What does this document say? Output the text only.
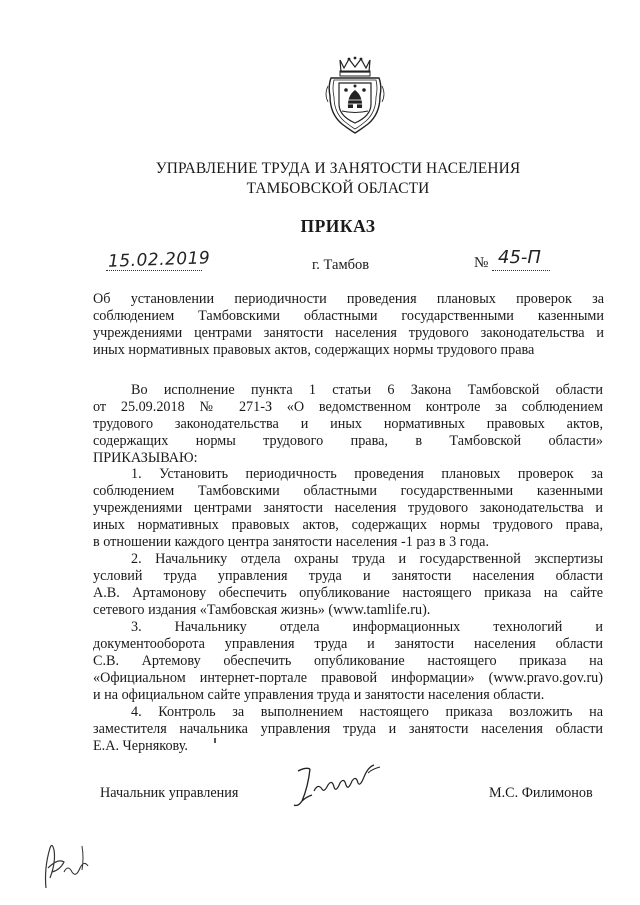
УПРАВЛЕНИЕ ТРУДА И ЗАНЯТОСТИ НАСЕЛЕНИЯ
ТАМБОВСКОЙ ОБЛАСТИ
ПРИКАЗ
15.02.2019	г. Тамбов	№ 45-П
Об установлении периодичности проведения плановых проверок за
соблюдением Тамбовскими областными государственными казенными
учреждениями центрами занятости населения трудового законодательства и
иных нормативных правовых актов, содержащих нормы трудового права
Во исполнение пункта 1 статьи 6 Закона Тамбовской области
от 25.09.2018 № 271-З «О ведомственном контроле за соблюдением
трудового законодательства и иных нормативных правовых актов,
содержащих нормы трудового права, в Тамбовской области»
ПРИКАЗЫВАЮ:
1. Установить периодичность проведения плановых проверок за
соблюдением Тамбовскими областными государственными казенными
учреждениями центрами занятости населения трудового законодательства и
иных нормативных правовых актов, содержащих нормы трудового права,
в отношении каждого центра занятости населения -1 раз в 3 года.
2. Начальнику отдела охраны труда и государственной экспертизы
условий труда управления труда и занятости населения области
А.В. Артамонову обеспечить опубликование настоящего приказа на сайте
сетевого издания «Тамбовская жизнь» (www.tamlife.ru).
3. Начальнику отдела информационных технологий и
документооборота управления труда и занятости населения области
С.В. Артемову обеспечить опубликование настоящего приказа на
«Официальном интернет-портале правовой информации» (www.pravo.gov.ru)
и на официальном сайте управления труда и занятости населения области.
4. Контроль за выполнением настоящего приказа возложить на
заместителя начальника управления труда и занятости населения области
Е.А. Чернякову.
Начальник управления	М.С. Филимонов
